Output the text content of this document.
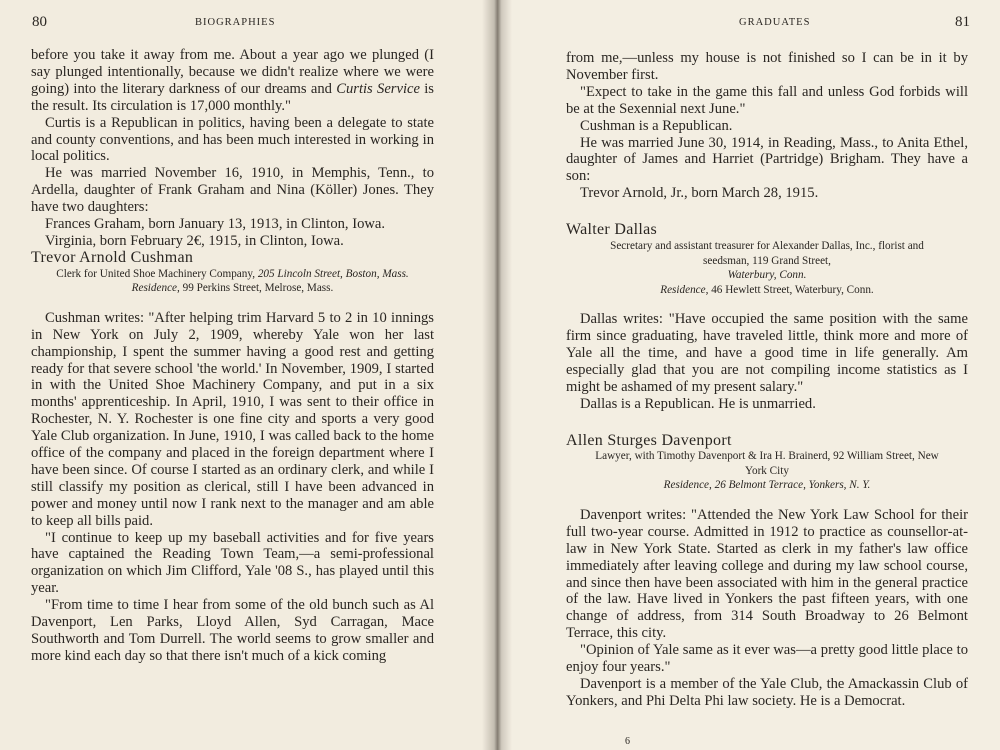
80	BIOGRAPHIES

before you take it away from me. About a year ago we plunged (I say plunged intentionally, because we didn't realize where we were going) into the literary darkness of our dreams and Curtis Service is the result. Its circulation is 17,000 monthly."

Curtis is a Republican in politics, having been a delegate to state and county conventions, and has been much interested in working in local politics.

He was married November 16, 1910, in Memphis, Tenn., to Ardella, daughter of Frank Graham and Nina (Köller) Jones. They have two daughters:

Frances Graham, born January 13, 1913, in Clinton, Iowa.

Virginia, born February 2€, 1915, in Clinton, Iowa.

Trevor Arnold Cushman

Clerk for United Shoe Machinery Company, 205 Lincoln Street, Boston, Mass.
Residence, 99 Perkins Street, Melrose, Mass.

Cushman writes: "After helping trim Harvard 5 to 2 in 10 innings in New York on July 2, 1909, whereby Yale won her last championship, I spent the summer having a good rest and getting ready for that severe school 'the world.' In November, 1909, I started in with the United Shoe Machinery Company, and put in a six months' apprenticeship. In April, 1910, I was sent to their office in Rochester, N. Y. Rochester is one fine city and sports a very good Yale Club organization. In June, 1910, I was called back to the home office of the company and placed in the foreign department where I have been since. Of course I started as an ordinary clerk, and while I still classify my position as clerical, still I have been advanced in power and money until now I rank next to the manager and am able to keep all bills paid.

"I continue to keep up my baseball activities and for five years have captained the Reading Town Team,—a semi-professional organization on which Jim Clifford, Yale '08 S., has played until this year.

"From time to time I hear from some of the old bunch such as Al Davenport, Len Parks, Lloyd Allen, Syd Carragan, Mace Southworth and Tom Durrell. The world seems to grow smaller and more kind each day so that there isn't much of a kick coming

GRADUATES	81

from me,—unless my house is not finished so I can be in it by November first.

"Expect to take in the game this fall and unless God forbids will be at the Sexennial next June."

Cushman is a Republican.

He was married June 30, 1914, in Reading, Mass., to Anita Ethel, daughter of James and Harriet (Partridge) Brigham. They have a son:

Trevor Arnold, Jr., born March 28, 1915.

Walter Dallas

Secretary and assistant treasurer for Alexander Dallas, Inc., florist and seedsman, 119 Grand Street,
Waterbury, Conn.
Residence, 46 Hewlett Street, Waterbury, Conn.

Dallas writes: "Have occupied the same position with the same firm since graduating, have traveled little, think more and more of Yale all the time, and have a good time in life generally. Am especially glad that you are not compiling income statistics as I might be ashamed of my present salary."

Dallas is a Republican. He is unmarried.

Allen Sturges Davenport

Lawyer, with Timothy Davenport & Ira H. Brainerd, 92 William Street, New York City
Residence, 26 Belmont Terrace, Yonkers, N. Y.

Davenport writes: "Attended the New York Law School for their full two-year course. Admitted in 1912 to practice as counsellor-at-law in New York State. Started as clerk in my father's law office immediately after leaving college and during my law school course, and since then have been associated with him in the general practice of the law. Have lived in Yonkers the past fifteen years, with one change of address, from 314 South Broadway to 26 Belmont Terrace, this city.

"Opinion of Yale same as it ever was—a pretty good little place to enjoy four years."

Davenport is a member of the Yale Club, the Amackassin Club of Yonkers, and Phi Delta Phi law society. He is a Democrat.

6
